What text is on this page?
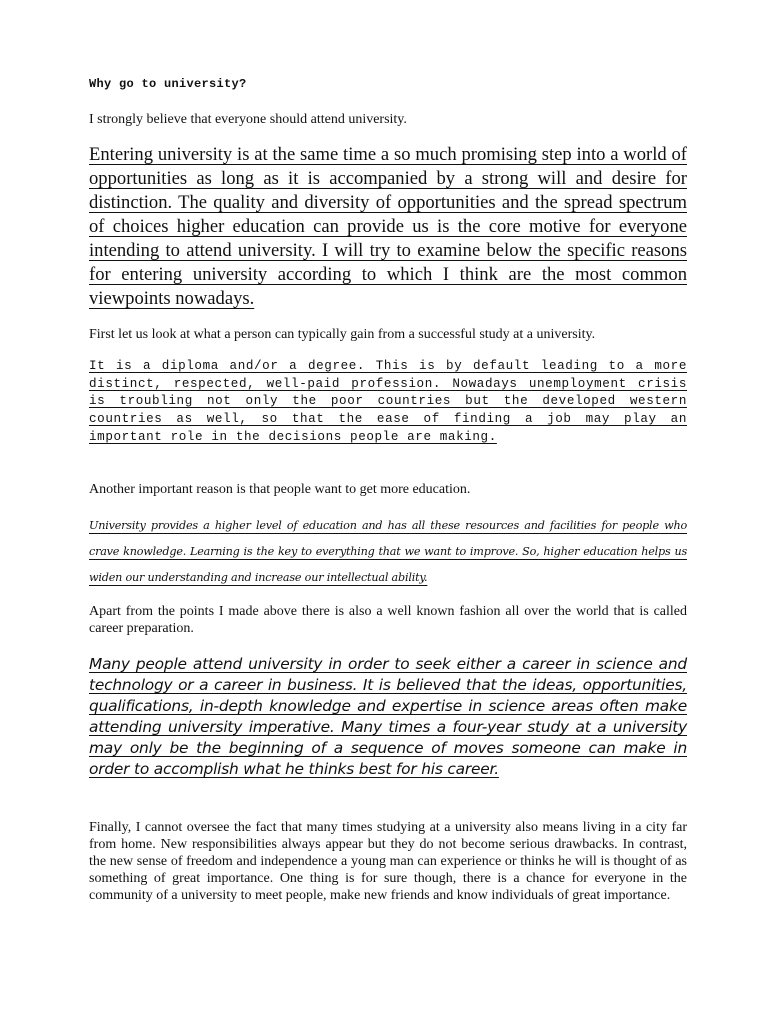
Why go to university?

I strongly believe that everyone should attend university.

Entering university is at the same time a so much promising step into a world of opportunities as long as it is accompanied by a strong will and desire for distinction. The quality and diversity of opportunities and the spread spectrum of choices higher education can provide us is the core motive for everyone intending to attend university. I will try to examine below the specific reasons for entering university according to which I think are the most common viewpoints nowadays.

First let us look at what a person can typically gain from a successful study at a university.

It is a diploma and/or a degree. This is by default leading to a more distinct, respected, well-paid profession. Nowadays unemployment crisis is troubling not only the poor countries but the developed western countries as well, so that the ease of finding a job may play an important role in the decisions people are making.

Another important reason is that people want to get more education.

University provides a higher level of education and has all these resources and facilities for people who crave knowledge. Learning is the key to everything that we want to improve. So, higher education helps us widen our understanding and increase our intellectual ability.

Apart from the points I made above there is also a well known fashion all over the world that is called career preparation.

Many people attend university in order to seek either a career in science and technology or a career in business. It is believed that the ideas, opportunities, qualifications, in-depth knowledge and expertise in science areas often make attending university imperative. Many times a four-year study at a university may only be the beginning of a sequence of moves someone can make in order to accomplish what he thinks best for his career.

Finally, I cannot oversee the fact that many times studying at a university also means living in a city far from home. New responsibilities always appear but they do not become serious drawbacks. In contrast, the new sense of freedom and independence a young man can experience or thinks he will is thought of as something of great importance. One thing is for sure though, there is a chance for everyone in the community of a university to meet people, make new friends and know individuals of great importance.
